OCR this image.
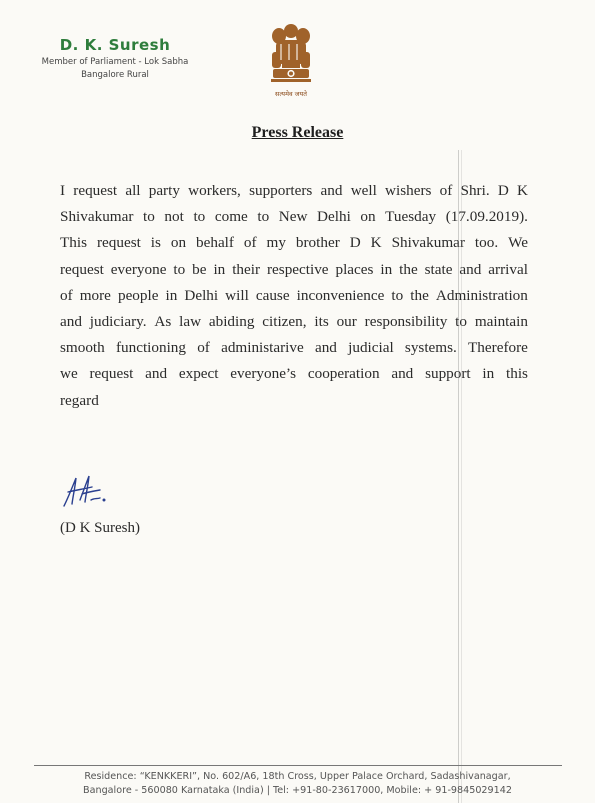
D. K. Suresh
Member of Parliament - Lok Sabha
Bangalore Rural
सत्यमेव जयते
Press Release
I request all party workers, supporters and well wishers of Shri. D K
Shivakumar to not to come to New Delhi on Tuesday (17.09.2019).
This request is on behalf of my brother D K Shivakumar too. We
request everyone to be in their respective places in the state and arrival
of more people in Delhi will cause inconvenience to the Administration
and judiciary. As law abiding citizen, its our responsibility to maintain
smooth functioning of administarive and judicial systems. Therefore
we request and expect everyone’s cooperation and support in this
regard
(D K Suresh)
Residence: “KENKKERI”, No. 602/A6, 18th Cross, Upper Palace Orchard, Sadashivanagar,
Bangalore - 560080 Karnataka (India) | Tel: +91-80-23617000, Mobile: + 91-9845029142
